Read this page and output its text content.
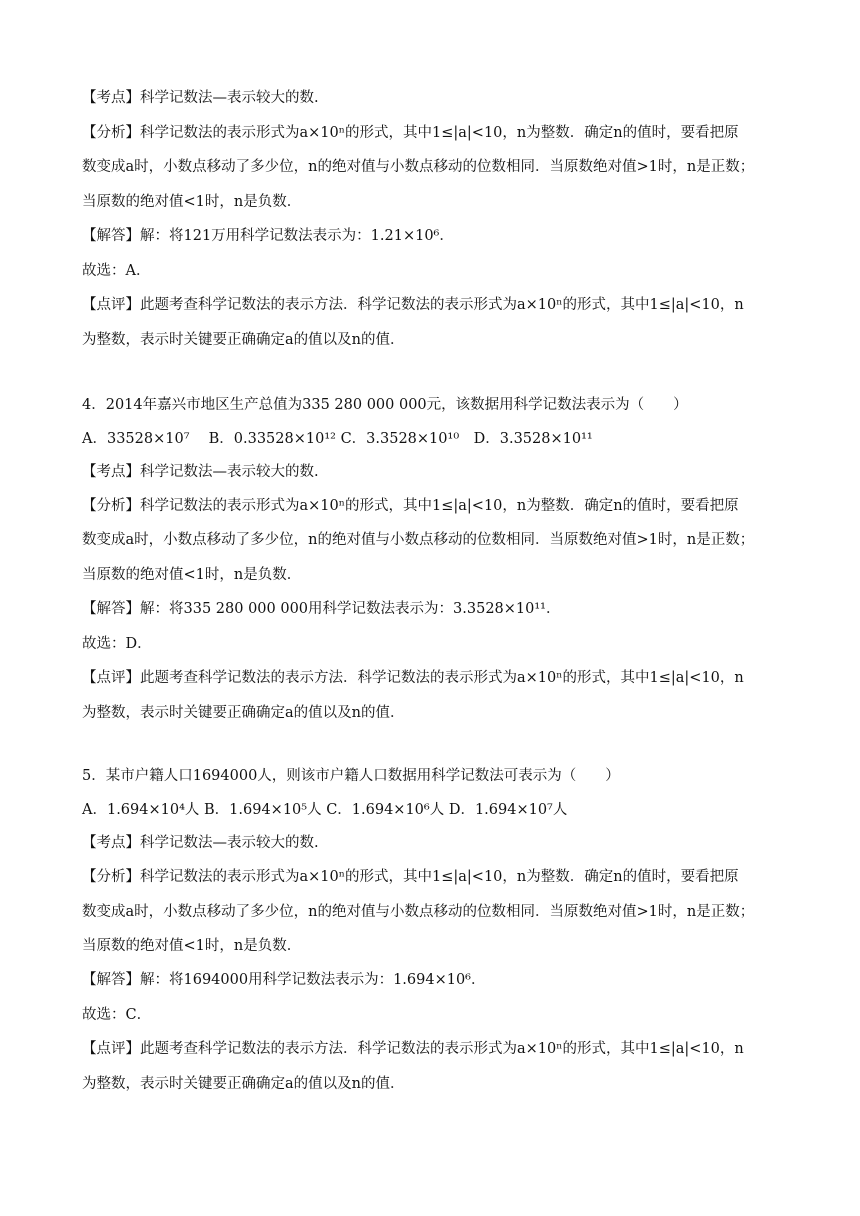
【考点】科学记数法—表示较大的数.
【分析】科学记数法的表示形式为a×10ⁿ的形式，其中1≤|a|<10，n为整数．确定n的值时，要看把原
数变成a时，小数点移动了多少位，n的绝对值与小数点移动的位数相同．当原数绝对值>1时，n是正数；
当原数的绝对值<1时，n是负数．
【解答】解：将121万用科学记数法表示为：1.21×10⁶．
故选：A．
【点评】此题考查科学记数法的表示方法．科学记数法的表示形式为a×10ⁿ的形式，其中1≤|a|<10，n
为整数，表示时关键要正确确定a的值以及n的值．
4．2014年嘉兴市地区生产总值为335 280 000 000元，该数据用科学记数法表示为（　　）
A．33528×10⁷　 B．0.33528×10¹² C．3.3528×10¹⁰　D．3.3528×10¹¹
【考点】科学记数法—表示较大的数.
【分析】科学记数法的表示形式为a×10ⁿ的形式，其中1≤|a|<10，n为整数．确定n的值时，要看把原
数变成a时，小数点移动了多少位，n的绝对值与小数点移动的位数相同．当原数绝对值>1时，n是正数；
当原数的绝对值<1时，n是负数．
【解答】解：将335 280 000 000用科学记数法表示为：3.3528×10¹¹．
故选：D．
【点评】此题考查科学记数法的表示方法．科学记数法的表示形式为a×10ⁿ的形式，其中1≤|a|<10，n
为整数，表示时关键要正确确定a的值以及n的值．
5．某市户籍人口1694000人，则该市户籍人口数据用科学记数法可表示为（　　）
A．1.694×10⁴人 B．1.694×10⁵人 C．1.694×10⁶人 D．1.694×10⁷人
【考点】科学记数法—表示较大的数.
【分析】科学记数法的表示形式为a×10ⁿ的形式，其中1≤|a|<10，n为整数．确定n的值时，要看把原
数变成a时，小数点移动了多少位，n的绝对值与小数点移动的位数相同．当原数绝对值>1时，n是正数；
当原数的绝对值<1时，n是负数．
【解答】解：将1694000用科学记数法表示为：1.694×10⁶．
故选：C．
【点评】此题考查科学记数法的表示方法．科学记数法的表示形式为a×10ⁿ的形式，其中1≤|a|<10，n
为整数，表示时关键要正确确定a的值以及n的值．
